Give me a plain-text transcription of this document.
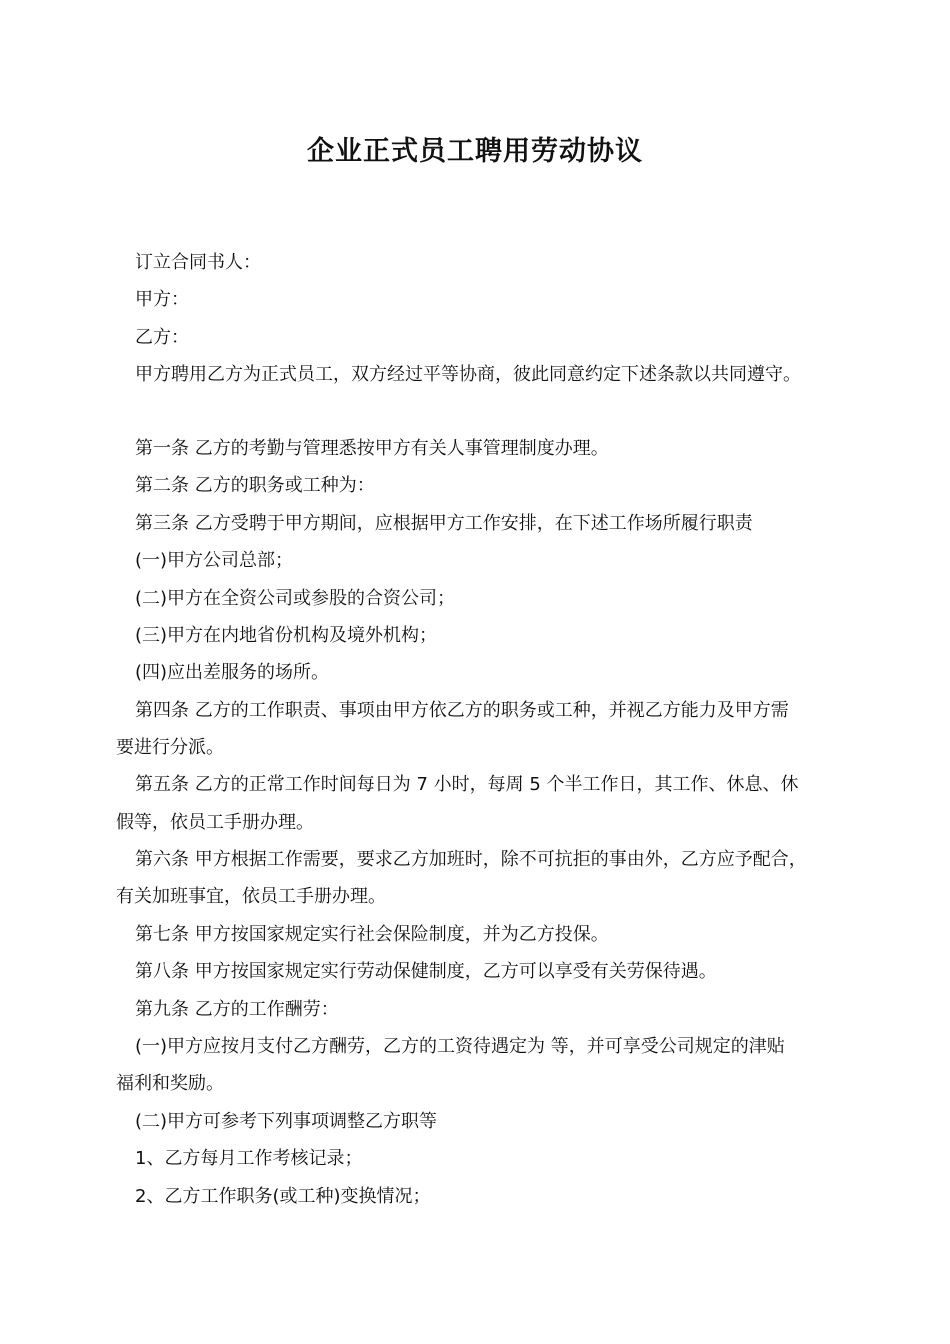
企业正式员工聘用劳动协议
订立合同书人：
甲方：
乙方：
甲方聘用乙方为正式员工，双方经过平等协商，彼此同意约定下述条款以共同遵守。
第一条 乙方的考勤与管理悉按甲方有关人事管理制度办理。
第二条 乙方的职务或工种为：
第三条 乙方受聘于甲方期间，应根据甲方工作安排，在下述工作场所履行职责
(一)甲方公司总部；
(二)甲方在全资公司或参股的合资公司；
(三)甲方在内地省份机构及境外机构；
(四)应出差服务的场所。
第四条 乙方的工作职责、事项由甲方依乙方的职务或工种，并视乙方能力及甲方需
要进行分派。
第五条 乙方的正常工作时间每日为 7 小时，每周 5 个半工作日，其工作、休息、休
假等，依员工手册办理。
第六条 甲方根据工作需要，要求乙方加班时，除不可抗拒的事由外，乙方应予配合，
有关加班事宜，依员工手册办理。
第七条 甲方按国家规定实行社会保险制度，并为乙方投保。
第八条 甲方按国家规定实行劳动保健制度，乙方可以享受有关劳保待遇。
第九条 乙方的工作酬劳：
(一)甲方应按月支付乙方酬劳，乙方的工资待遇定为 等，并可享受公司规定的津贴
福利和奖励。
(二)甲方可参考下列事项调整乙方职等
1、乙方每月工作考核记录；
2、乙方工作职务(或工种)变换情况；
